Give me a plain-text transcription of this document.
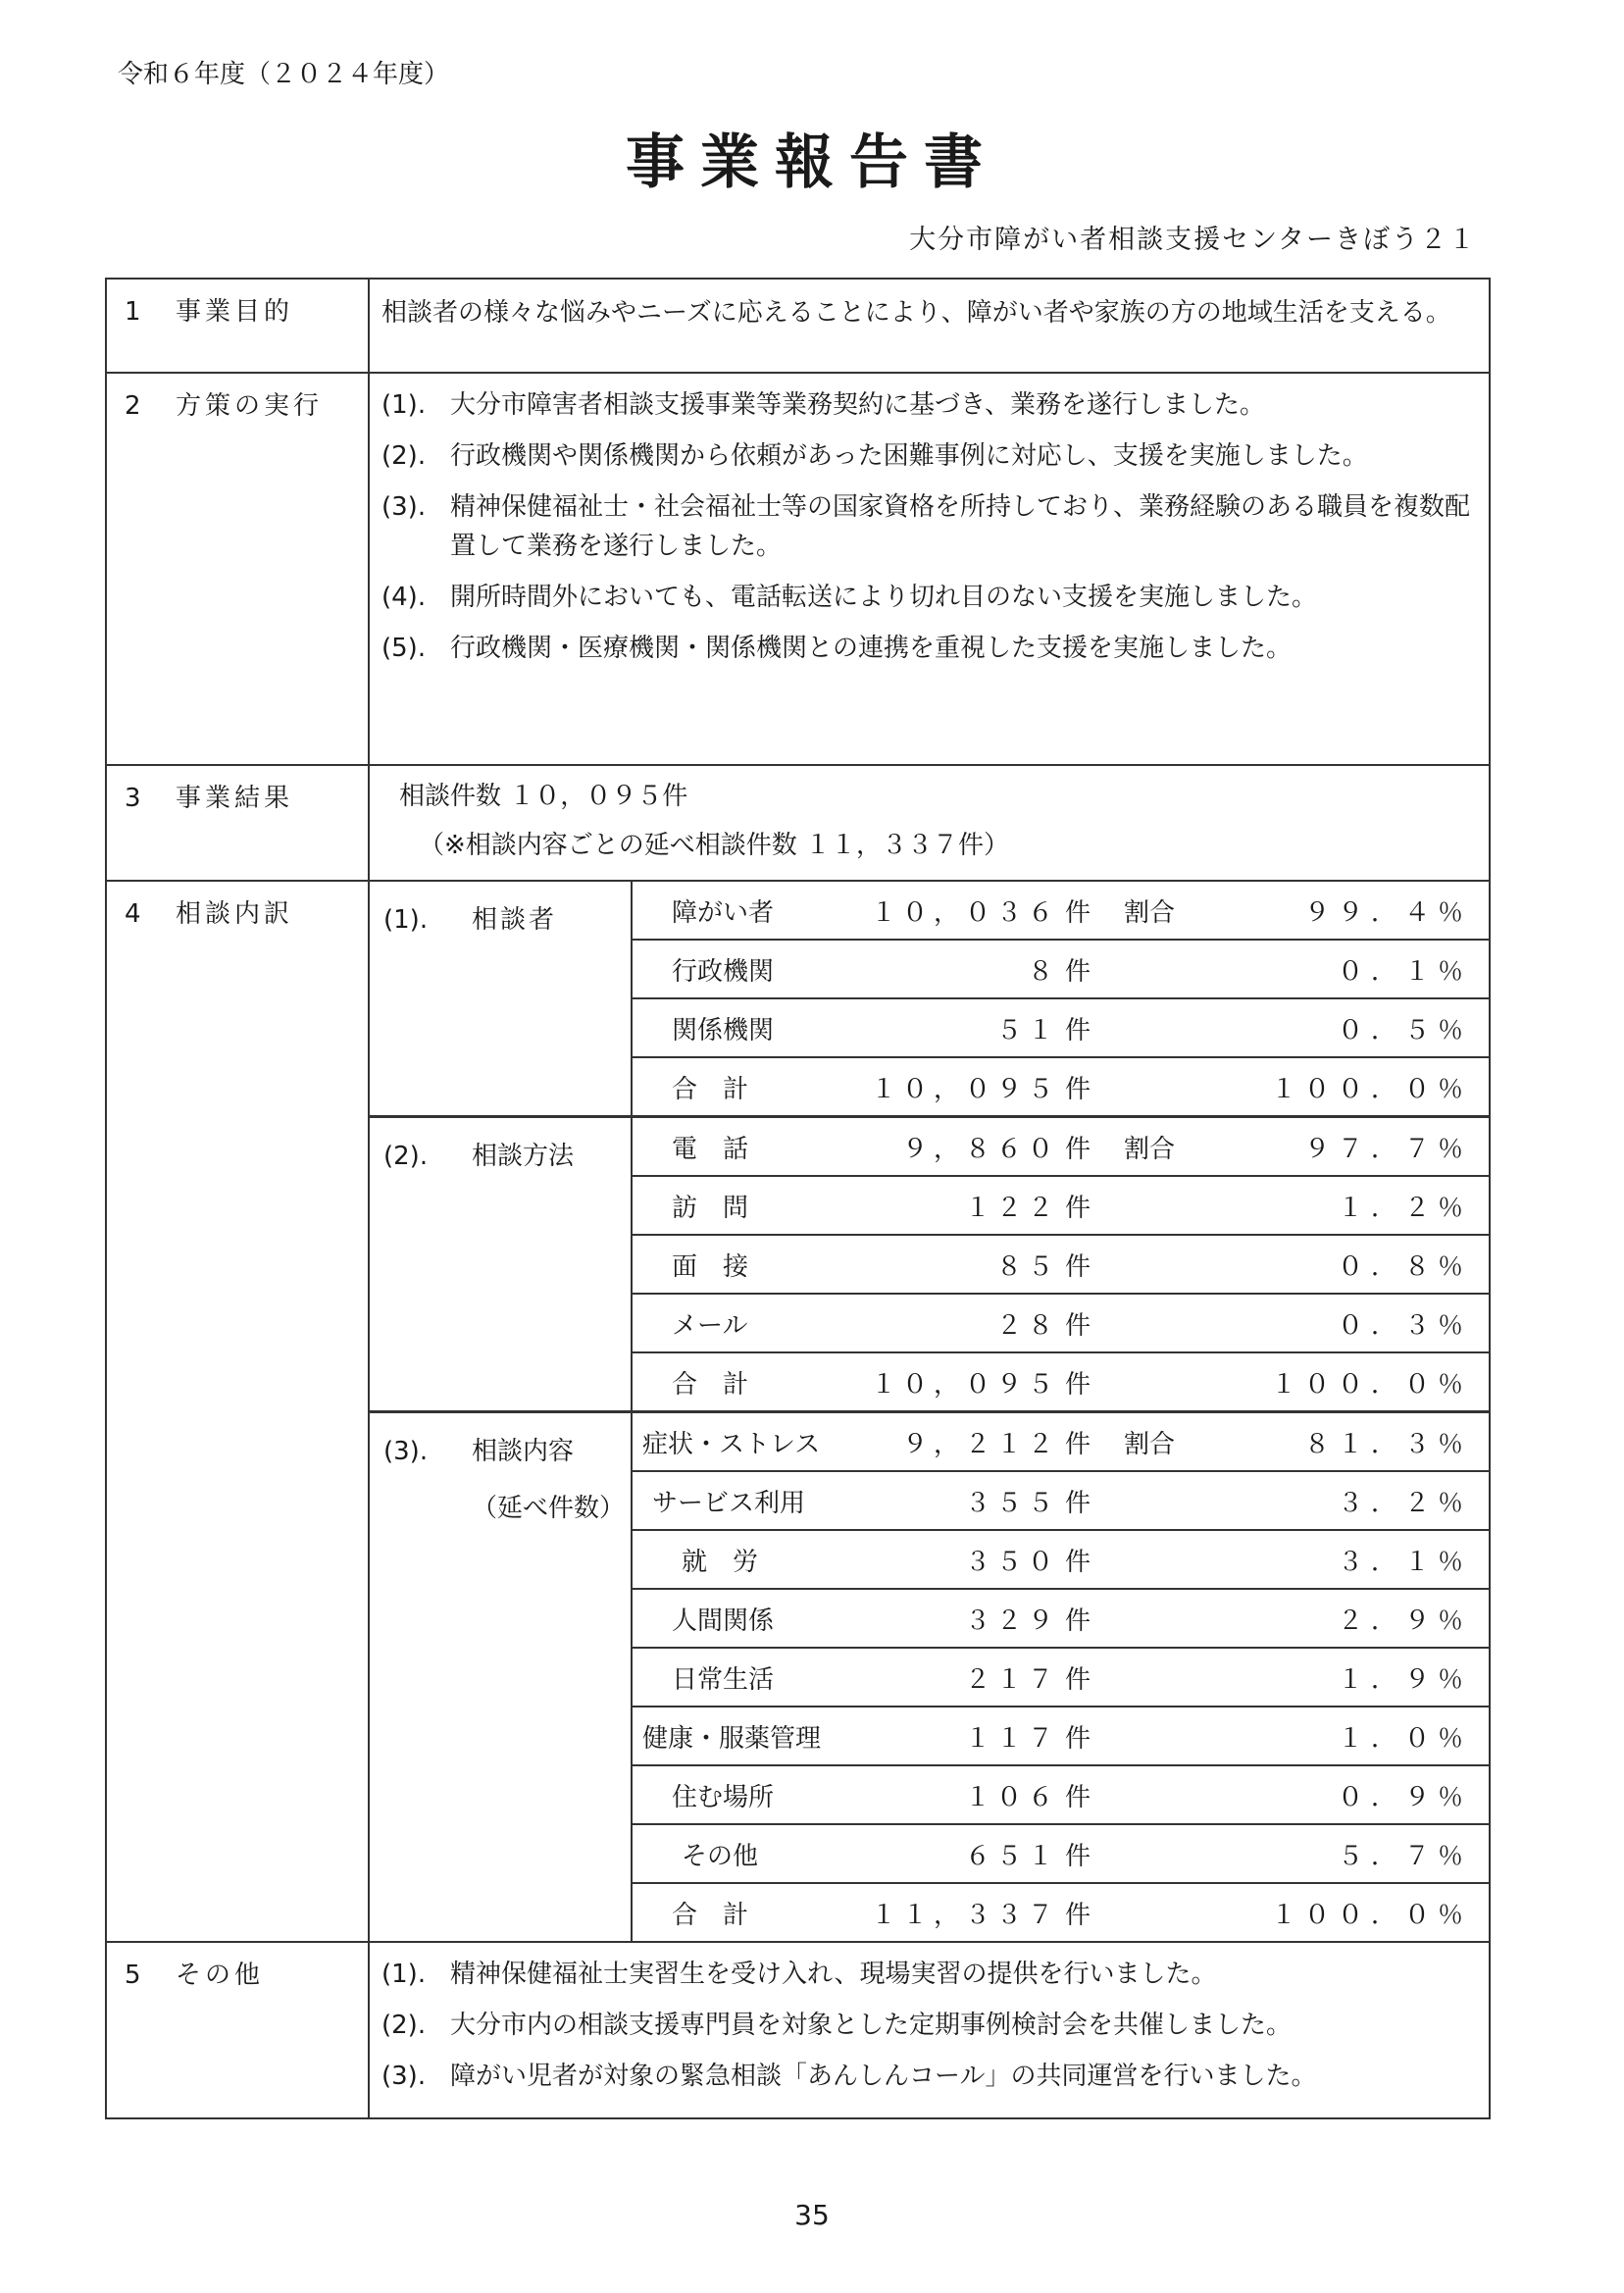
令和６年度（２０２４年度）
事業報告書
大分市障がい者相談支援センターきぼう２１
1 事業目的	相談者の様々な悩みやニーズに応えることにより、障がい者や家族の方の地域生活を支える。
2 方策の実行	(1). 大分市障害者相談支援事業等業務契約に基づき、業務を遂行しました。
(2). 行政機関や関係機関から依頼があった困難事例に対応し、支援を実施しました。
(3). 精神保健福祉士・社会福祉士等の国家資格を所持しており、業務経験のある職員を複数配置して業務を遂行しました。
(4). 開所時間外においても、電話転送により切れ目のない支援を実施しました。
(5). 行政機関・医療機関・関係機関との連携を重視した支援を実施しました。

3 事業結果	相談件数 １０，０９５件
（※相談内容ごとの延べ相談件数 １１，３３７件）

4 相談内訳		(1). 相談者	障がい者	１０，０３６	件	割合	９９．４％
行政機関	８	件		０．１％
関係機関	５１	件		０．５％
合　計	１０，０９５	件		１００．０％
(2). 相談方法	電　話	９，８６０	件	割合	９７．７％
訪　問	１２２	件		１．２％
面　接	８５	件		０．８％
メール	２８	件		０．３％
合　計	１０，０９５	件		１００．０％
(3). 相談内容
（延べ件数）
	症状・ストレス	９，２１２	件	割合	８１．３％
サービス利用	３５５	件		３．２％
就　労	３５０	件		３．１％
人間関係	３２９	件		２．９％
日常生活	２１７	件		１．９％
健康・服薬管理	１１７	件		１．０％
住む場所	１０６	件		０．９％
その他	６５１	件		５．７％
合　計	１１，３３７	件		１００．０％

5 その他	(1). 精神保健福祉士実習生を受け入れ、現場実習の提供を行いました。
(2). 大分市内の相談支援専門員を対象とした定期事例検討会を共催しました。
(3). 障がい児者が対象の緊急相談「あんしんコール」の共同運営を行いました。
35
